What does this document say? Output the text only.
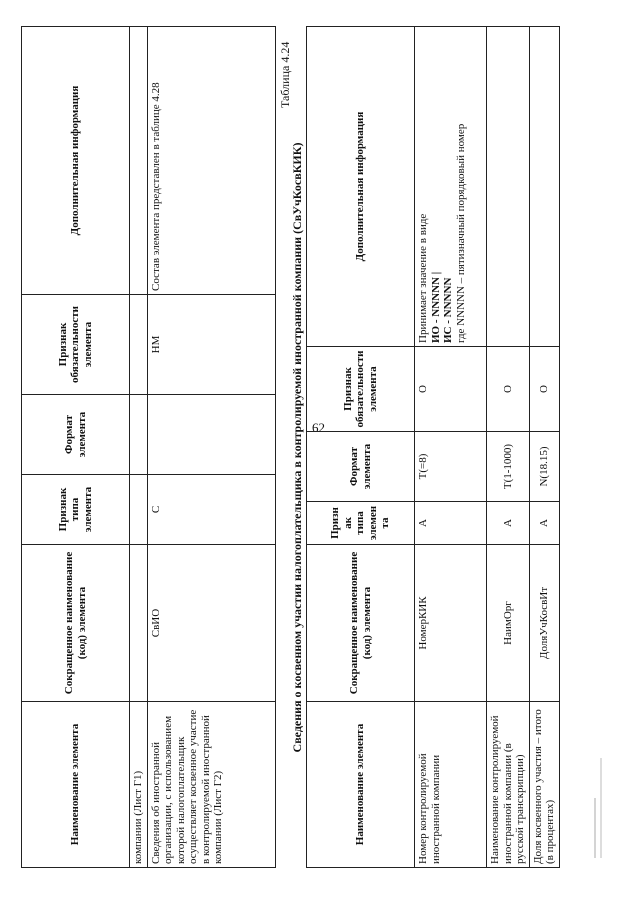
62
Наименование элемента	Сокращенное наименование (код) элемента	Признак типа элемента	Формат элемента	Признак обязательности элемента	Дополнительная информация
компании (Лист Г1)					
Сведения об иностранной организации, с использованием которой налогоплательщик осуществляет косвенное участие в контролируемой иностранной компании (Лист Г2)	СвИО	С		НМ	Состав элемента представлен в таблице 4.28
Таблица 4.24
Сведения о косвенном участии налогоплательщика в контролируемой иностранной компании (СвУчКосвКИК)
Наименование элемента	Сокращенное наименование (код) элемента	Признак типа элемента	Формат элемента	Признак обязательности элемента	Дополнительная информация
Номер контролируемой иностранной компании	НомерКИК	А	T(=8)	О	Принимает значение в виде ИО - NNNNN | ИС - NNNNN где NNNNN – пятизначный порядковый номер

Наименование контролируемой иностранной компании (в русской транскрипции)	НаимОрг	А	T(1-1000)	О	
Доля косвенного участия – итого (в процентах)	ДоляУчКосвИт	А	N(18.15)	О	
